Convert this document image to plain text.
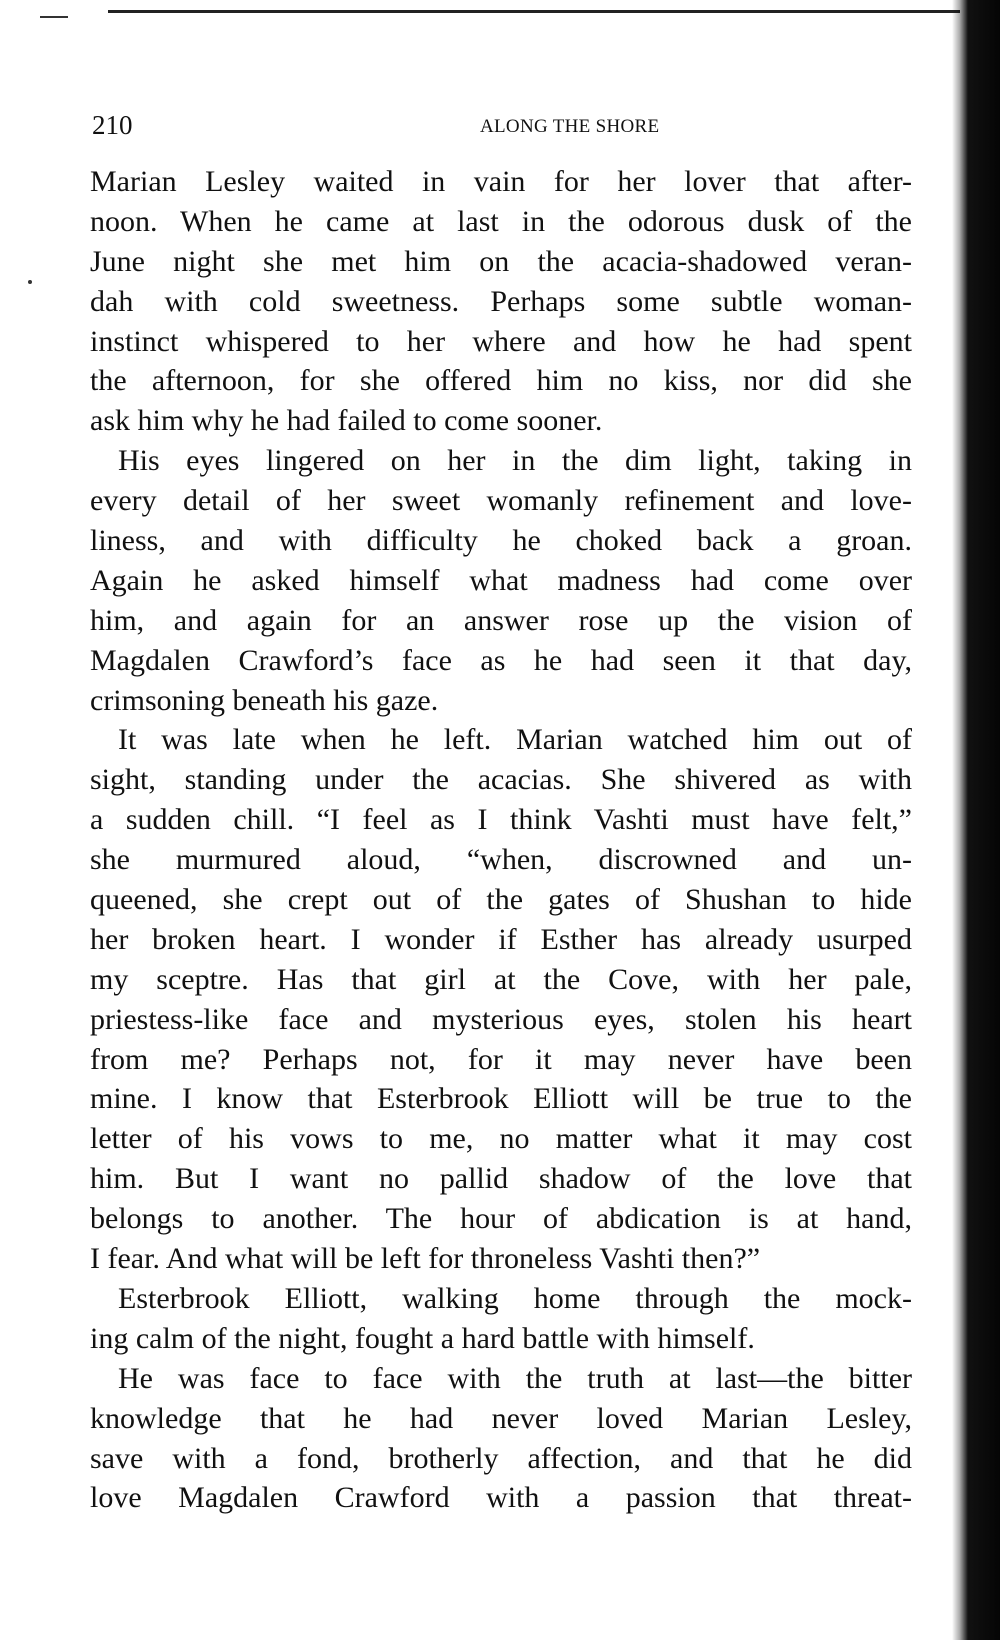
210	ALONG THE SHORE
Marian Lesley waited in vain for her lover that after-
noon. When he came at last in the odorous dusk of the
June night she met him on the acacia-shadowed veran-
dah with cold sweetness. Perhaps some subtle woman-
instinct whispered to her where and how he had spent
the afternoon, for she offered him no kiss, nor did she
ask him why he had failed to come sooner.
His eyes lingered on her in the dim light, taking in
every detail of her sweet womanly refinement and love-
liness, and with difficulty he choked back a groan.
Again he asked himself what madness had come over
him, and again for an answer rose up the vision of
Magdalen Crawford’s face as he had seen it that day,
crimsoning beneath his gaze.
It was late when he left. Marian watched him out of
sight, standing under the acacias. She shivered as with
a sudden chill. “I feel as I think Vashti must have felt,”
she murmured aloud, “when, discrowned and un-
queened, she crept out of the gates of Shushan to hide
her broken heart. I wonder if Esther has already usurped
my sceptre. Has that girl at the Cove, with her pale,
priestess-like face and mysterious eyes, stolen his heart
from me? Perhaps not, for it may never have been
mine. I know that Esterbrook Elliott will be true to the
letter of his vows to me, no matter what it may cost
him. But I want no pallid shadow of the love that
belongs to another. The hour of abdication is at hand,
I fear. And what will be left for throneless Vashti then?”
Esterbrook Elliott, walking home through the mock-
ing calm of the night, fought a hard battle with himself.
He was face to face with the truth at last—the bitter
knowledge that he had never loved Marian Lesley,
save with a fond, brotherly affection, and that he did
love Magdalen Crawford with a passion that threat-
